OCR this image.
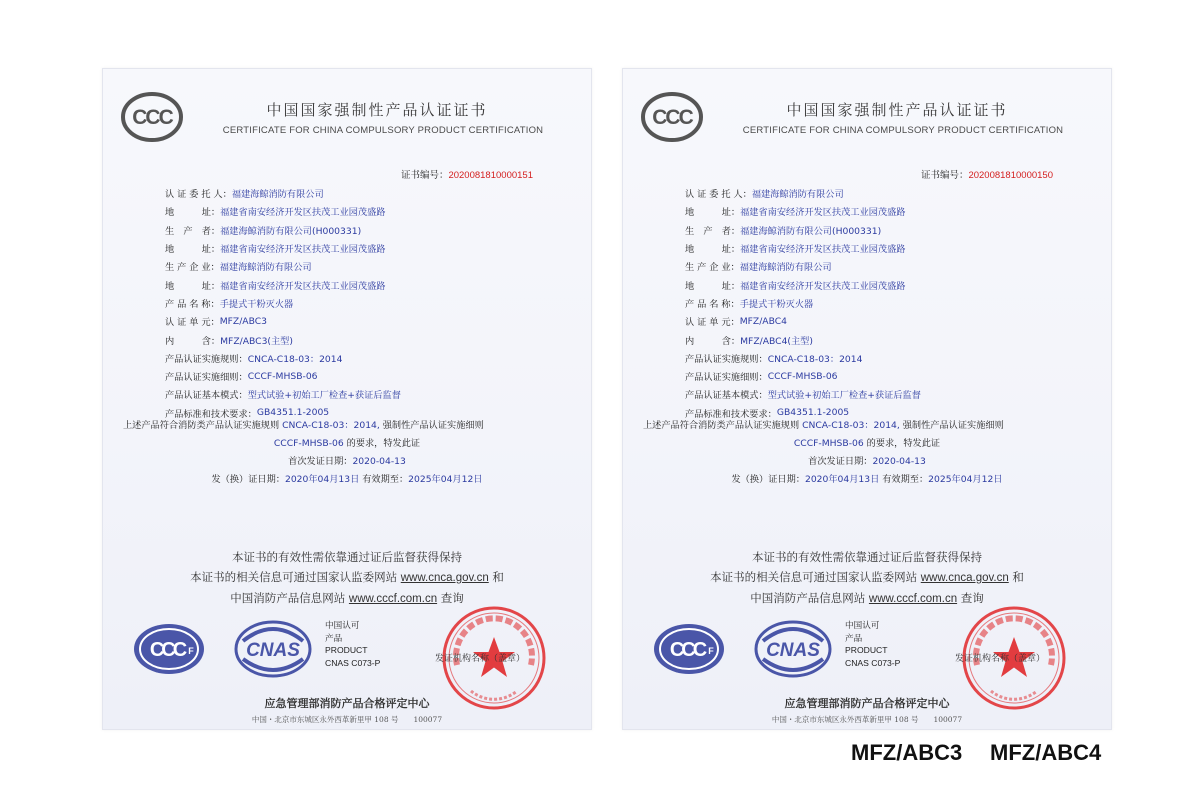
CCC	中国国家强制性产品认证证书
CERTIFICATE FOR CHINA COMPULSORY PRODUCT CERTIFICATION
证书编号：2020081810000151
认 证 委 托 人： 福建海鲸消防有限公司
地　　　址： 福建省南安经济开发区扶茂工业园茂盛路
生　产　者： 福建海鲸消防有限公司(H000331)
地　　　址： 福建省南安经济开发区扶茂工业园茂盛路
生 产 企 业： 福建海鲸消防有限公司
地　　　址： 福建省南安经济开发区扶茂工业园茂盛路
产 品 名 称： 手提式干粉灭火器
认 证 单 元： MFZ/ABC3
内　　　含： MFZ/ABC3(主型)
产品认证实施规则： CNCA-C18-03：2014
产品认证实施细则： CCCF-MHSB-06
产品认证基本模式： 型式试验+初始工厂检查+获证后监督
产品标准和技术要求： GB4351.1-2005
上述产品符合消防类产品认证实施规则 CNCA-C18-03：2014, 强制性产品认证实施细则
CCCF-MHSB-06 的要求，特发此证
首次发证日期：2020-04-13
发（换）证日期：2020年04月13日 有效期至：2025年04月12日
本证书的有效性需依靠通过证后监督获得保持
本证书的相关信息可通过国家认监委网站 www.cnca.gov.cn 和
中国消防产品信息网站 www.cccf.com.cn 查询
CCC F	CNAS
中国认可
产品
PRODUCT
CNAS C073-P	发证机构名称（盖章）
应急管理部消防产品合格评定中心
中国・北京市东城区永外西革新里甲 108 号　　100077
CCC	中国国家强制性产品认证证书
CERTIFICATE FOR CHINA COMPULSORY PRODUCT CERTIFICATION
证书编号：2020081810000150
认 证 委 托 人： 福建海鲸消防有限公司
地　　　址： 福建省南安经济开发区扶茂工业园茂盛路
生　产　者： 福建海鲸消防有限公司(H000331)
地　　　址： 福建省南安经济开发区扶茂工业园茂盛路
生 产 企 业： 福建海鲸消防有限公司
地　　　址： 福建省南安经济开发区扶茂工业园茂盛路
产 品 名 称： 手提式干粉灭火器
认 证 单 元： MFZ/ABC4
内　　　含： MFZ/ABC4(主型)
产品认证实施规则： CNCA-C18-03：2014
产品认证实施细则： CCCF-MHSB-06
产品认证基本模式： 型式试验+初始工厂检查+获证后监督
产品标准和技术要求： GB4351.1-2005
上述产品符合消防类产品认证实施规则 CNCA-C18-03：2014, 强制性产品认证实施细则
CCCF-MHSB-06 的要求，特发此证
首次发证日期：2020-04-13
发（换）证日期：2020年04月13日 有效期至：2025年04月12日
本证书的有效性需依靠通过证后监督获得保持
本证书的相关信息可通过国家认监委网站 www.cnca.gov.cn 和
中国消防产品信息网站 www.cccf.com.cn 查询
CCC F	CNAS
中国认可
产品
PRODUCT
CNAS C073-P	发证机构名称（盖章）
应急管理部消防产品合格评定中心
中国・北京市东城区永外西革新里甲 108 号　　100077
MFZ/ABC3 MFZ/ABC4
